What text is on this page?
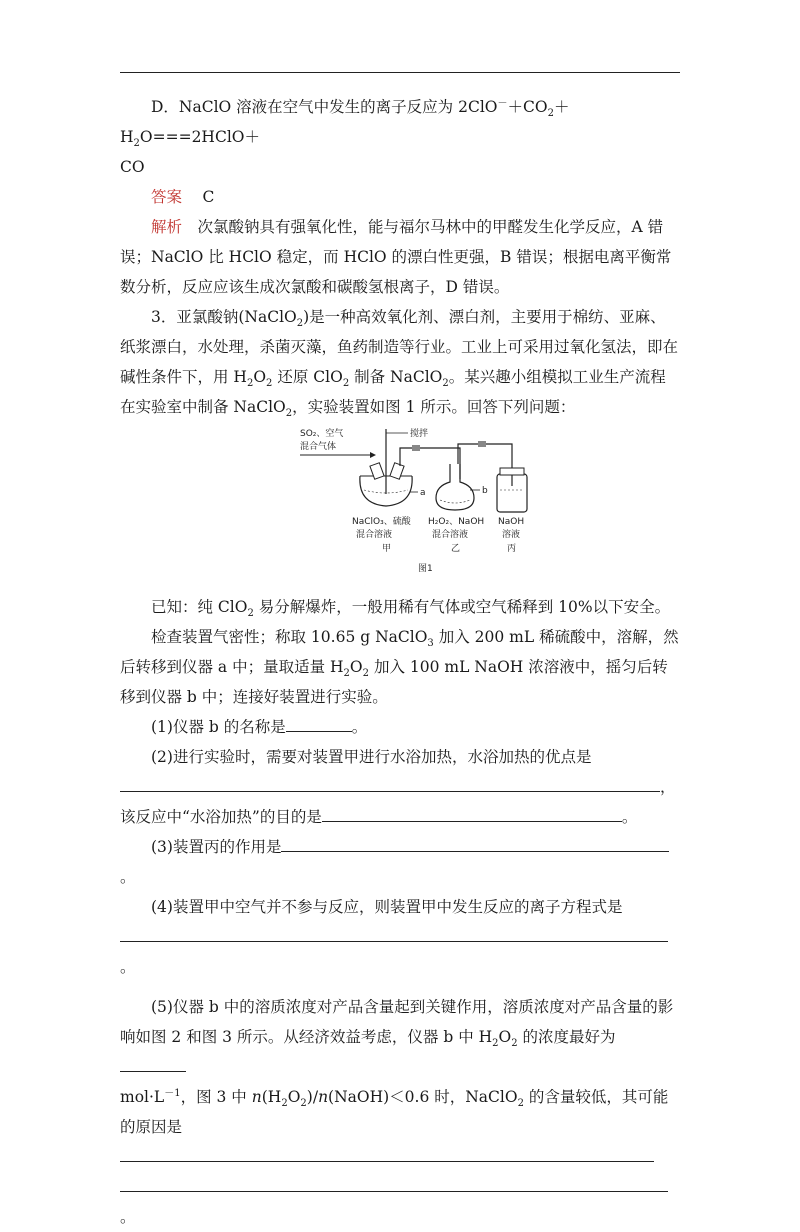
D．NaClO 溶液在空气中发生的离子反应为 $2ClO^-+CO_2+H_2O===2HClO+$
CO

答案　 C

解析　 次氯酸钠具有强氧化性，能与福尔马林中的甲醛发生化学反应，A 错误；NaClO 比 HClO 稳定，而 HClO 的漂白性更强，B 错误；根据电离平衡常数分析，反应应该生成次氯酸和碳酸氢根离子，D 错误。

3．亚氯酸钠(NaClO$_2$)是一种高效氧化剂、漂白剂，主要用于棉纺、亚麻、纸浆漂白，水处理，杀菌灭藻，鱼药制造等行业。工业上可采用过氧化氢法，即在碱性条件下，用 $H_2O_2$ 还原 ClO$_2$ 制备 NaClO$_2$。某兴趣小组模拟工业生产流程在实验室中制备 NaClO$_2$，实验装置如图 1 所示。回答下列问题：

SO₂、空气
混合气体
搅拌
a	b
NaClO₃、硫酸
混合溶液
甲
H₂O₂、NaOH
混合溶液
乙
NaOH
溶液
丙
图1

已知：纯 ClO$_2$ 易分解爆炸，一般用稀有气体或空气稀释到 10%以下安全。

检查装置气密性；称取 10.65 g NaClO$_3$ 加入 200 mL 稀硫酸中，溶解，然后转移到仪器 a 中；量取适量 $H_2O_2$ 加入 100 mL NaOH 浓溶液中，摇匀后转移到仪器 b 中；连接好装置进行实验。

(1)仪器 b 的名称是	。

(2)进行实验时，需要对装置甲进行水浴加热，水浴加热的优点是

，

该反应中“水浴加热”的目的是	。

(3)装置丙的作用是。

(4)装置甲中空气并不参与反应，则装置甲中发生反应的离子方程式是

。

(5)仪器 b 中的溶质浓度对产品含量起到关键作用，溶质浓度对产品含量的影响如图 2 和图 3 所示。从经济效益考虑，仪器 b 中 $H_2O_2$ 的浓度最好为
$mol\cdot L^{-1}$，图 3 中 $n(H_2O_2)/n(NaOH)<0.6$ 时，NaClO$_2$ 的含量较低，其可能的原因是

。
